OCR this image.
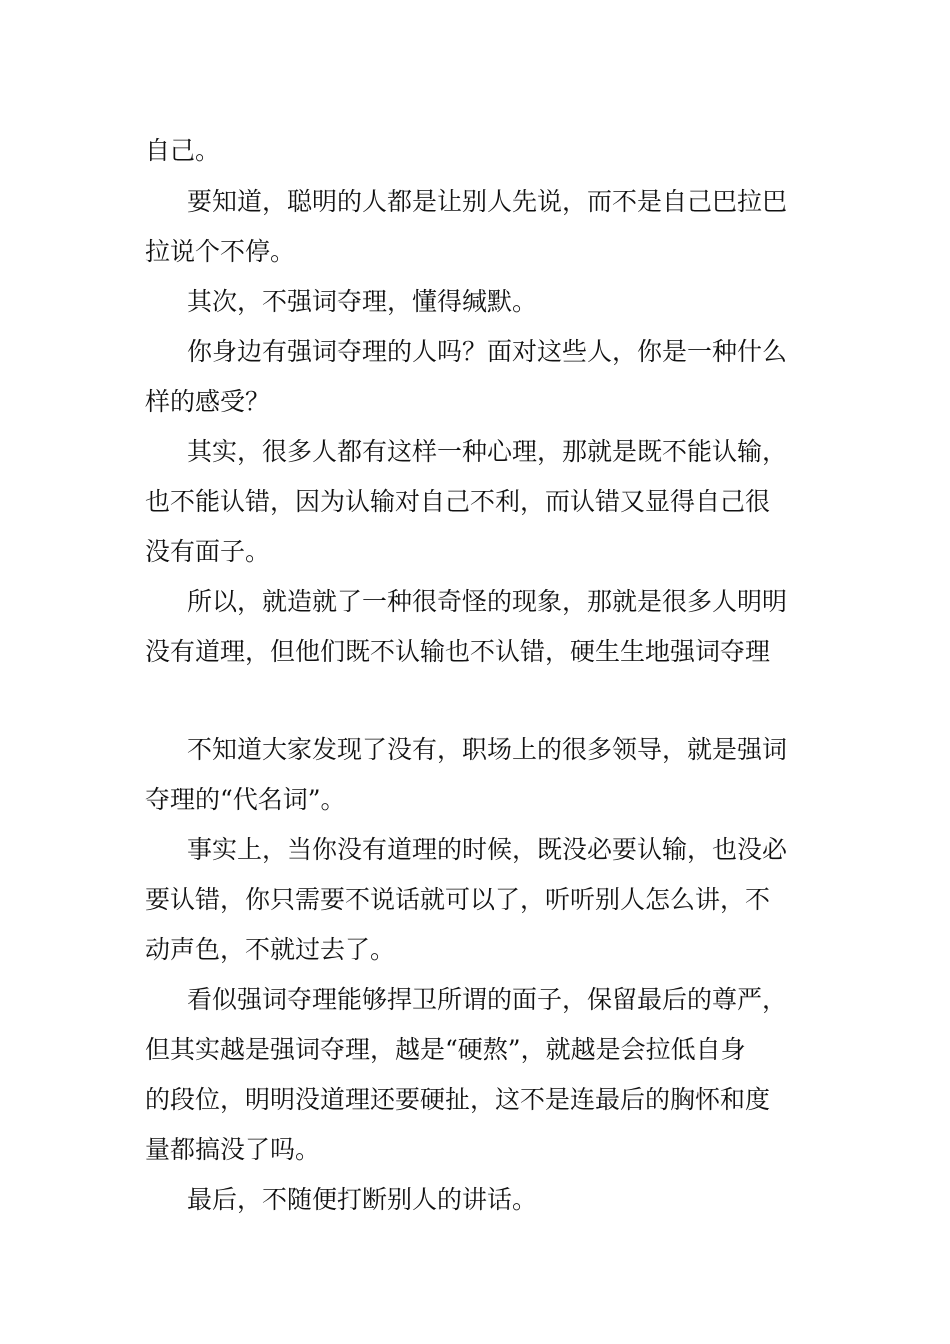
自己。
要知道，聪明的人都是让别人先说，而不是自己巴拉巴
拉说个不停。
其次，不强词夺理，懂得缄默。
你身边有强词夺理的人吗？面对这些人，你是一种什么
样的感受？
其实，很多人都有这样一种心理，那就是既不能认输，
也不能认错，因为认输对自己不利，而认错又显得自己很
没有面子。
所以，就造就了一种很奇怪的现象，那就是很多人明明
没有道理，但他们既不认输也不认错，硬生生地强词夺理
不知道大家发现了没有，职场上的很多领导，就是强词
夺理的“代名词”。
事实上，当你没有道理的时候，既没必要认输，也没必
要认错，你只需要不说话就可以了，听听别人怎么讲，不
动声色，不就过去了。
看似强词夺理能够捍卫所谓的面子，保留最后的尊严，
但其实越是强词夺理，越是“硬熬”，就越是会拉低自身
的段位，明明没道理还要硬扯，这不是连最后的胸怀和度
量都搞没了吗。
最后，不随便打断别人的讲话。
